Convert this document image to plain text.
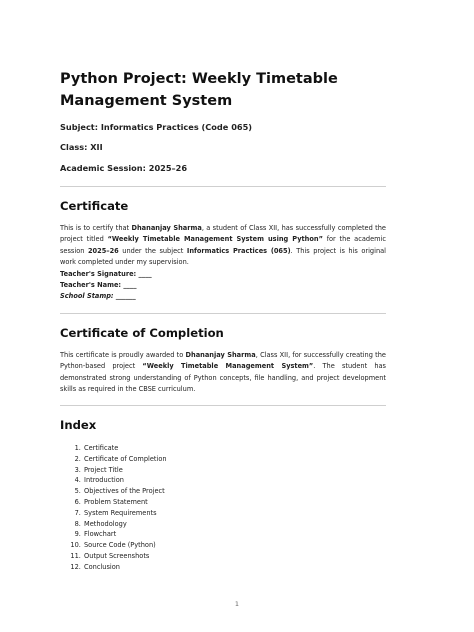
Python Project: Weekly Timetable Management System

Subject: Informatics Practices (Code 065)

Class: XII

Academic Session: 2025–26

Certificate

This is to certify that Dhananjay Sharma, a student of Class XII, has successfully completed the project titled “Weekly Timetable Management System using Python” for the academic session 2025–26 under the subject Informatics Practices (065). This project is his original work completed under my supervision.

Teacher's Signature: ____

Teacher's Name: ____

School Stamp: ______

Certificate of Completion

This certificate is proudly awarded to Dhananjay Sharma, Class XII, for successfully creating the Python-based project “Weekly Timetable Management System”. The student has demonstrated strong understanding of Python concepts, file handling, and project development skills as required in the CBSE curriculum.

Index
1. Certificate
2. Certificate of Completion
3. Project Title
4. Introduction
5. Objectives of the Project
6. Problem Statement
7. System Requirements
8. Methodology
9. Flowchart
10. Source Code (Python)
11. Output Screenshots
12. Conclusion
1
